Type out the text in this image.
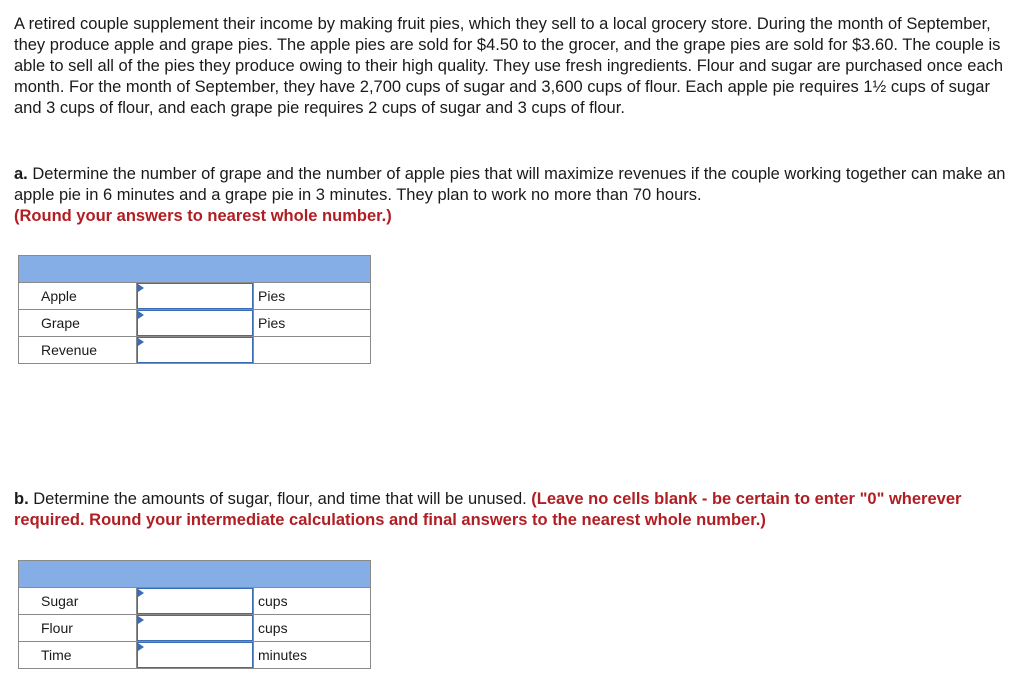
A retired couple supplement their income by making fruit pies, which they sell to a local grocery store. During the month of September, they produce apple and grape pies. The apple pies are sold for $4.50 to the grocer, and the grape pies are sold for $3.60. The couple is able to sell all of the pies they produce owing to their high quality. They use fresh ingredients. Flour and sugar are purchased once each month. For the month of September, they have 2,700 cups of sugar and 3,600 cups of flour. Each apple pie requires 1½ cups of sugar and 3 cups of flour, and each grape pie requires 2 cups of sugar and 3 cups of flour.

a. Determine the number of grape and the number of apple pies that will maximize revenues if the couple working together can make an apple pie in 6 minutes and a grape pie in 3 minutes. They plan to work no more than 70 hours.
(Round your answers to nearest whole number.)

Apple		Pies
Grape		Pies
Revenue	

b. Determine the amounts of sugar, flour, and time that will be unused. (Leave no cells blank - be certain to enter "0" wherever required. Round your intermediate calculations and final answers to the nearest whole number.)

Sugar		cups
Flour		cups
Time		minutes
